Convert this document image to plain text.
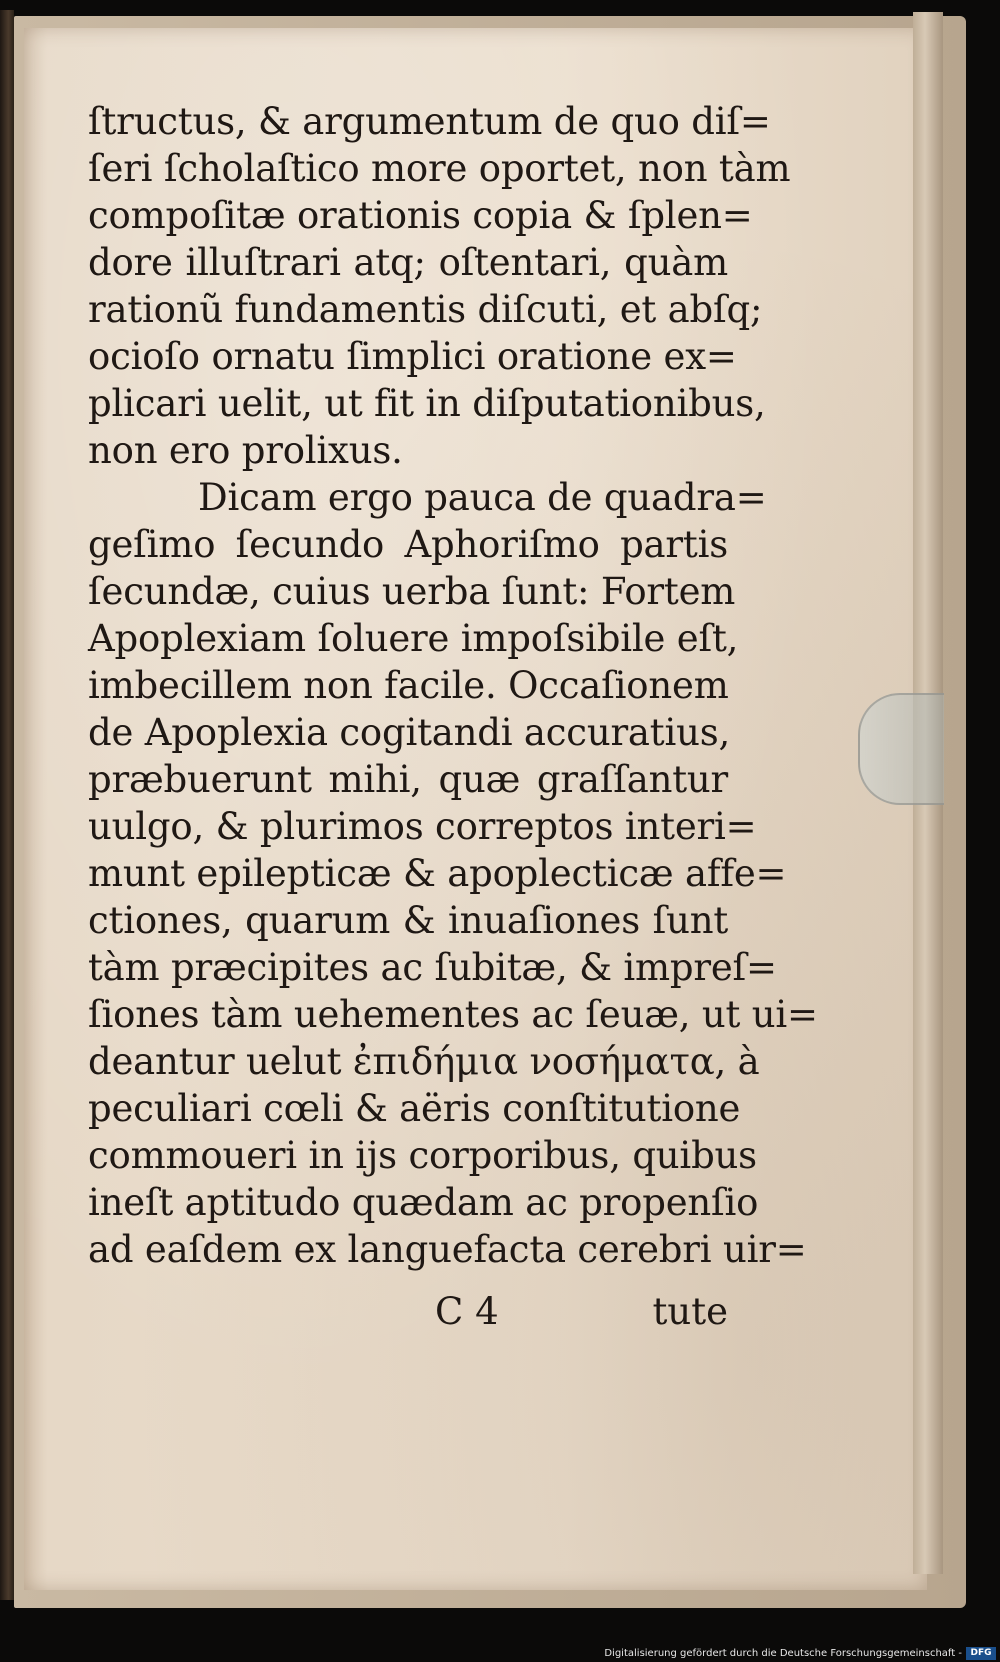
ſtructus, & argumentum de quo diſ=
ſeri ſcholaſtico more oportet, non tàm
compoſitæ orationis copia & ſplen=
dore illuſtrari atq; oſtentari, quàm
rationũ fundamentis diſcuti, et abſq;
ocioſo ornatu ſimplici oratione ex=
plicari uelit, ut fit in diſputationibus,
non ero prolixus.
Dicam ergo pauca de quadra=
geſimo ſecundo Aphoriſmo partis
ſecundæ, cuius uerba ſunt: Fortem
Apoplexiam ſoluere impoſsibile eſt,
imbecillem non facile. Occaſionem
de Apoplexia cogitandi accuratius,
præbuerunt mihi, quæ graſſantur
uulgo, & plurimos correptos interi=
munt epilepticæ & apoplecticæ affe=
ctiones, quarum & inuaſiones ſunt
tàm præcipites ac ſubitæ, & impreſ=
ſiones tàm uehementes ac ſeuæ, ut ui=
deantur uelut ἐπιδήμια νοσήματα, à
peculiari cœli & aëris conſtitutione
commoueri in ijs corporibus, quibus
ineſt aptitudo quædam ac propenſio
ad eaſdem ex languefacta cerebri uir=
C 4	tute
Digitalisierung gefördert durch die Deutsche Forschungsgemeinschaft - DFG
